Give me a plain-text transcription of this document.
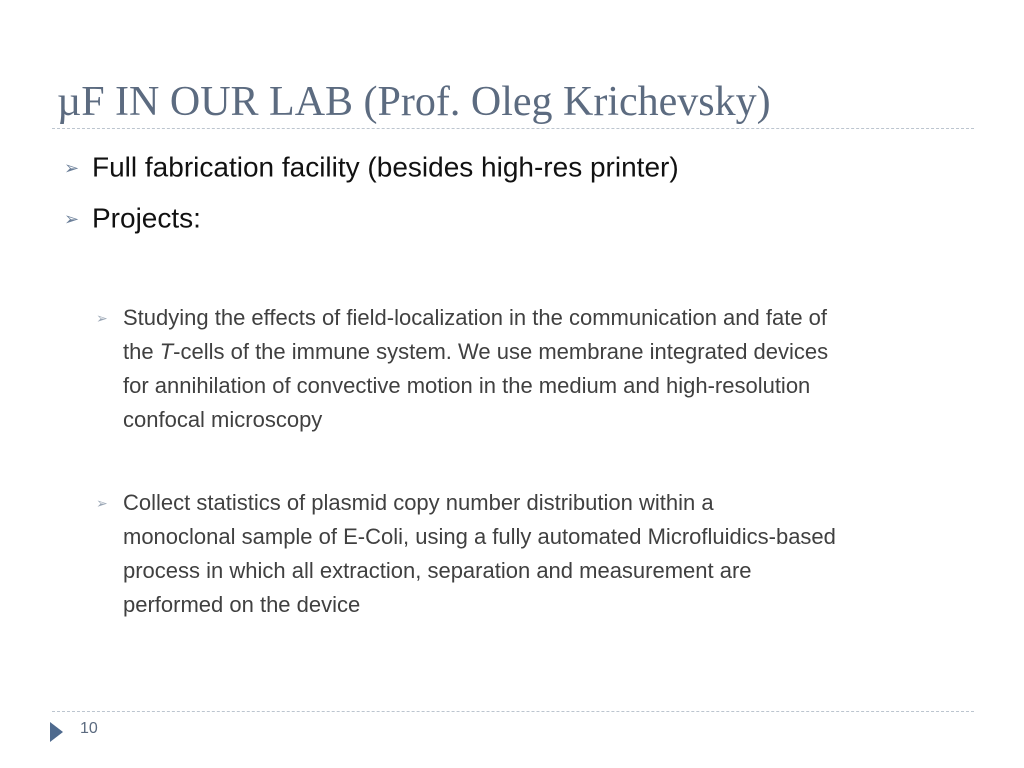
µF IN OUR LAB (Prof. Oleg Krichevsky)
➢ Full fabrication facility (besides high-res printer)
➢ Projects:
➢ Studying the effects of field-localization in the communication and fate of
the T-cells of the immune system. We use membrane integrated devices
for annihilation of convective motion in the medium and high-resolution
confocal microscopy
➢ Collect statistics of plasmid copy number distribution within a
monoclonal sample of E-Coli, using a fully automated Microfluidics-based
process in which all extraction, separation and measurement are
performed on the device
10
